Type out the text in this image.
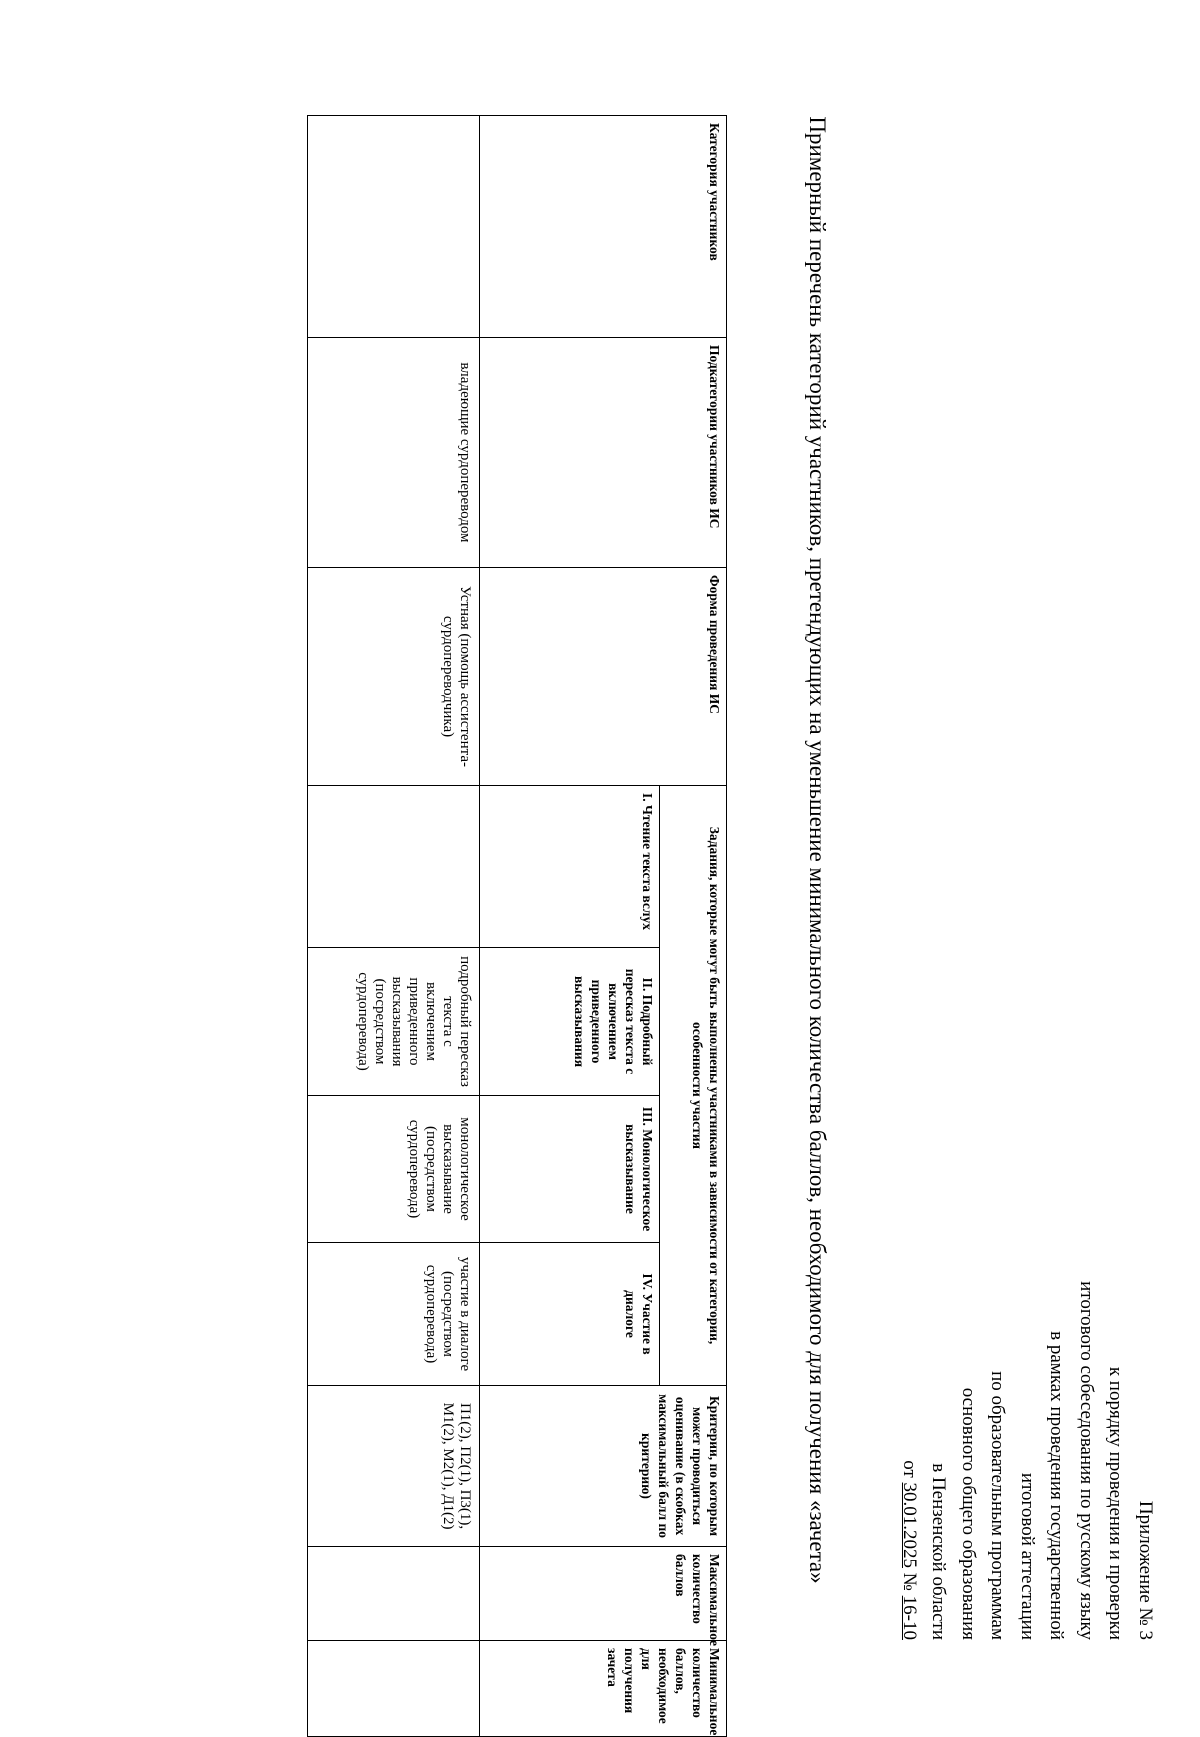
Приложение № 3
к порядку проведения и проверки
итогового собеседования по русскому языку
в рамках проведения государственной
итоговой аттестации
по образовательным программам
основного общего образования
в Пензенской области
от 30.01.2025 № 16-10
Примерный перечень категорий участников, претендующих на уменьшение минимального количества баллов, необходимого для получения «зачета»
Категория участников	Подкатегории участников ИС	Форма проведения ИС	Задания, которые могут быть выполнены участниками в зависимости от категории, особенности участия				Критерии, по которым может проводиться оценивание (в скобках максимальный балл по критерию)	Максимальное количество баллов	Минимальное количество баллов, необходимое для получения зачета
			I. Чтение текста вслух	II. Подробный пересказ текста с включением приведенного высказывания	III. Монологическое высказывание	IV. Участие в диалоге			
	владеющие сурдопереводом	Устная (помощь ассистента-сурдопереводчика)		подробный пересказ текста с включением приведенного высказывания (посредством сурдоперевода)	монологическое высказывание (посредством сурдоперевода)	участие в диалоге (посредством сурдоперевода)	П1(2), П2(1), П3(1), М1(2), М2(1), Д1(2)		
